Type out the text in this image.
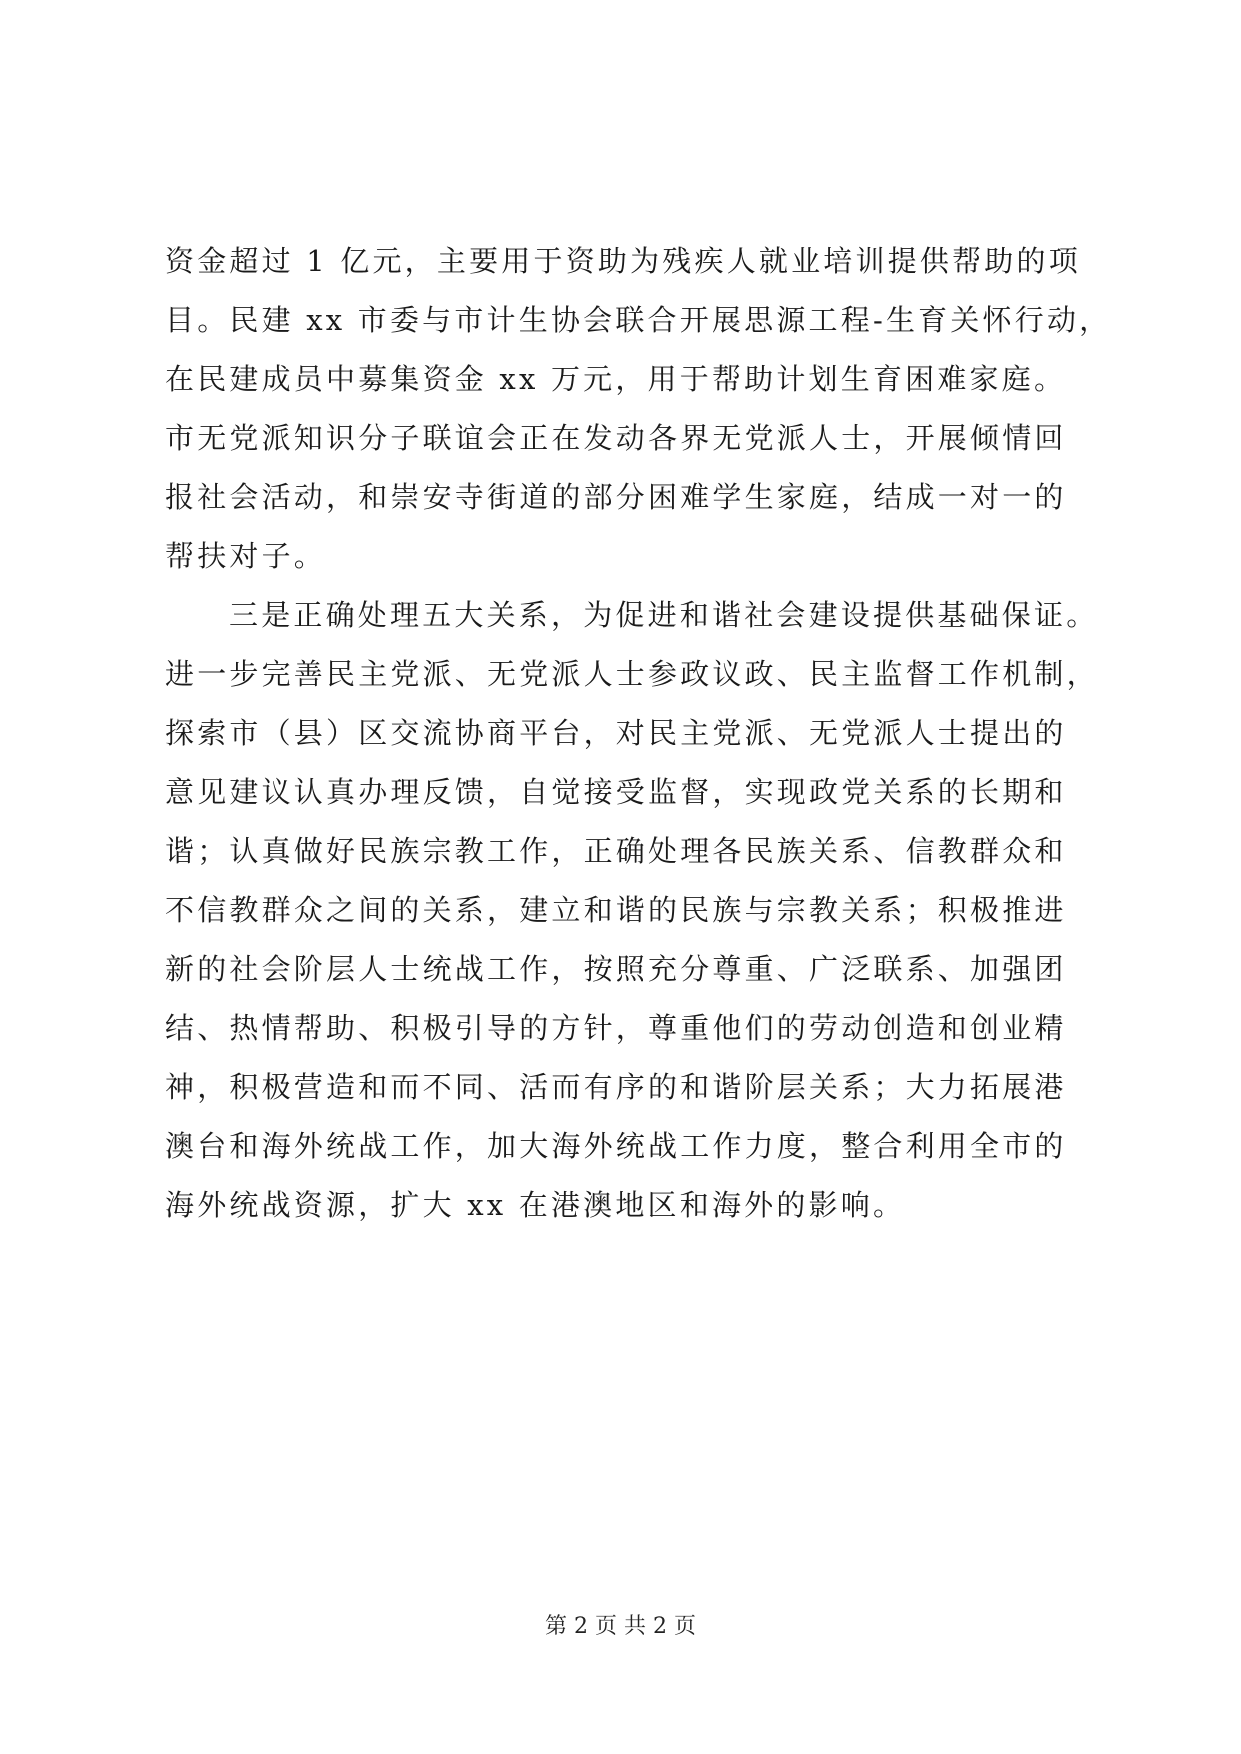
资金超过 1 亿元，主要用于资助为残疾人就业培训提供帮助的项
目。民建 xx 市委与市计生协会联合开展思源工程-生育关怀行动，
在民建成员中募集资金 xx 万元，用于帮助计划生育困难家庭。
市无党派知识分子联谊会正在发动各界无党派人士，开展倾情回
报社会活动，和崇安寺街道的部分困难学生家庭，结成一对一的
帮扶对子。
三是正确处理五大关系，为促进和谐社会建设提供基础保证。
进一步完善民主党派、无党派人士参政议政、民主监督工作机制，
探索市（县）区交流协商平台，对民主党派、无党派人士提出的
意见建议认真办理反馈，自觉接受监督，实现政党关系的长期和
谐；认真做好民族宗教工作，正确处理各民族关系、信教群众和
不信教群众之间的关系，建立和谐的民族与宗教关系；积极推进
新的社会阶层人士统战工作，按照充分尊重、广泛联系、加强团
结、热情帮助、积极引导的方针，尊重他们的劳动创造和创业精
神，积极营造和而不同、活而有序的和谐阶层关系；大力拓展港
澳台和海外统战工作，加大海外统战工作力度，整合利用全市的
海外统战资源，扩大 xx 在港澳地区和海外的影响。
第 2 页 共 2 页
